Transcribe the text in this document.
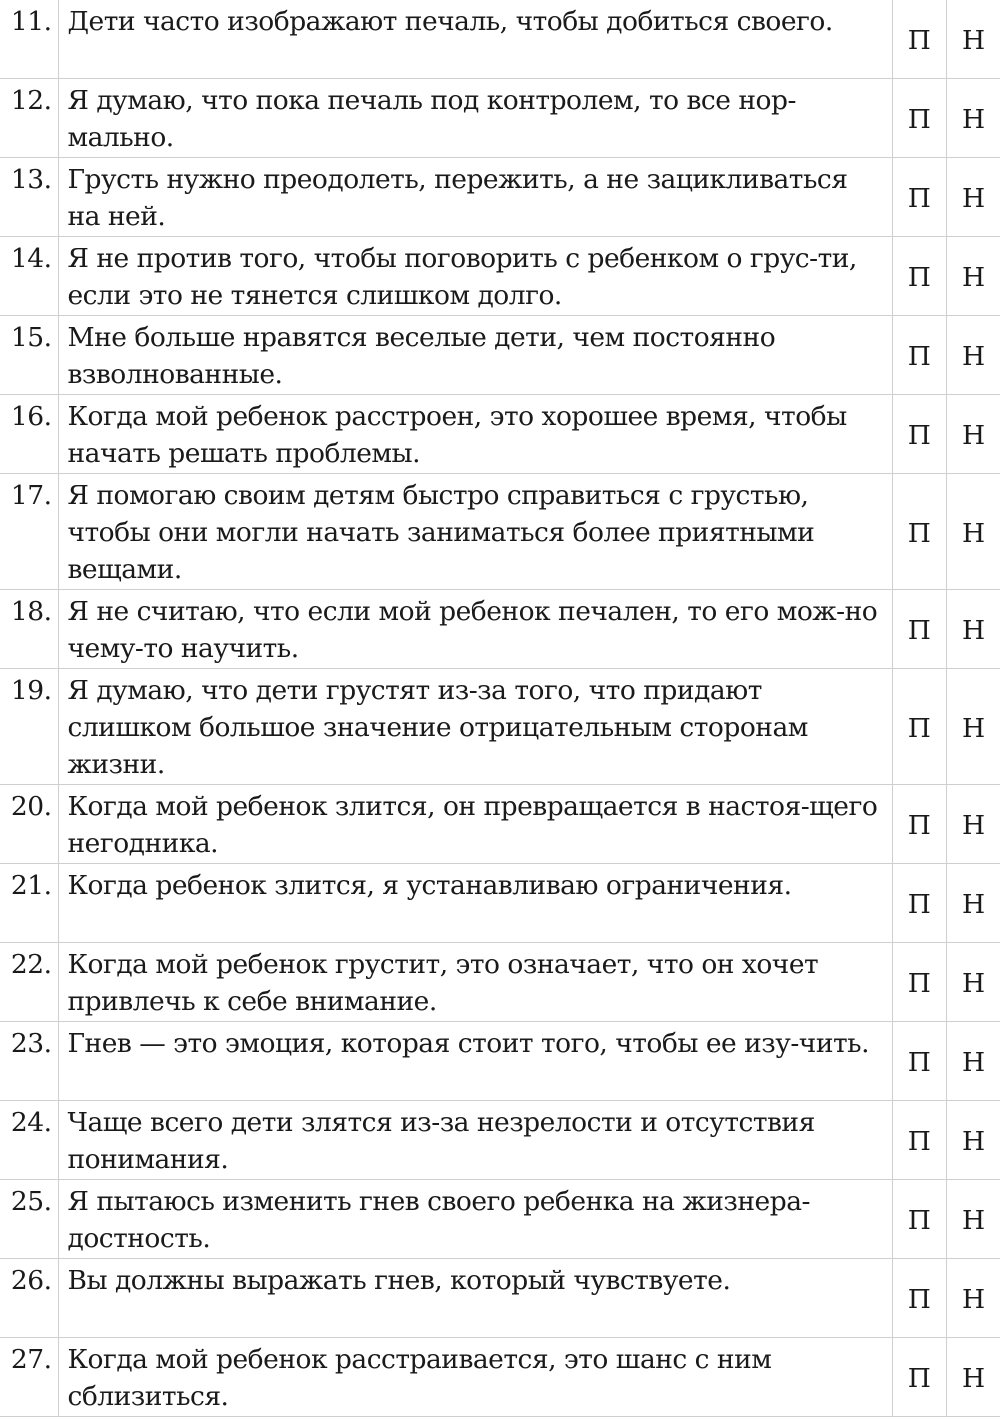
11.	Дети часто изображают печаль, чтобы добиться своего.	П	Н
12.	Я думаю, что пока печаль под контролем, то все нор-мально.	П	Н
13.	Грусть нужно преодолеть, пережить, а не зацикливаться на ней.	П	Н
14.	Я не против того, чтобы поговорить с ребенком о грус-ти, если это не тянется слишком долго.	П	Н
15.	Мне больше нравятся веселые дети, чем постоянно взволнованные.	П	Н
16.	Когда мой ребенок расстроен, это хорошее время, чтобы начать решать проблемы.	П	Н
17.	Я помогаю своим детям быстро справиться с грустью, чтобы они могли начать заниматься более приятными вещами.	П	Н
18.	Я не считаю, что если мой ребенок печален, то его мож-но чему-то научить.	П	Н
19.	Я думаю, что дети грустят из-за того, что придают слишком большое значение отрицательным сторонам жизни.	П	Н
20.	Когда мой ребенок злится, он превращается в настоя-щего негодника.	П	Н
21.	Когда ребенок злится, я устанавливаю ограничения.	П	Н
22.	Когда мой ребенок грустит, это означает, что он хочет привлечь к себе внимание.	П	Н
23.	Гнев — это эмоция, которая стоит того, чтобы ее изу-чить.	П	Н
24.	Чаще всего дети злятся из-за незрелости и отсутствия понимания.	П	Н
25.	Я пытаюсь изменить гнев своего ребенка на жизнера-достность.	П	Н
26.	Вы должны выражать гнев, который чувствуете.	П	Н
27.	Когда мой ребенок расстраивается, это шанс с ним сблизиться.	П	Н
